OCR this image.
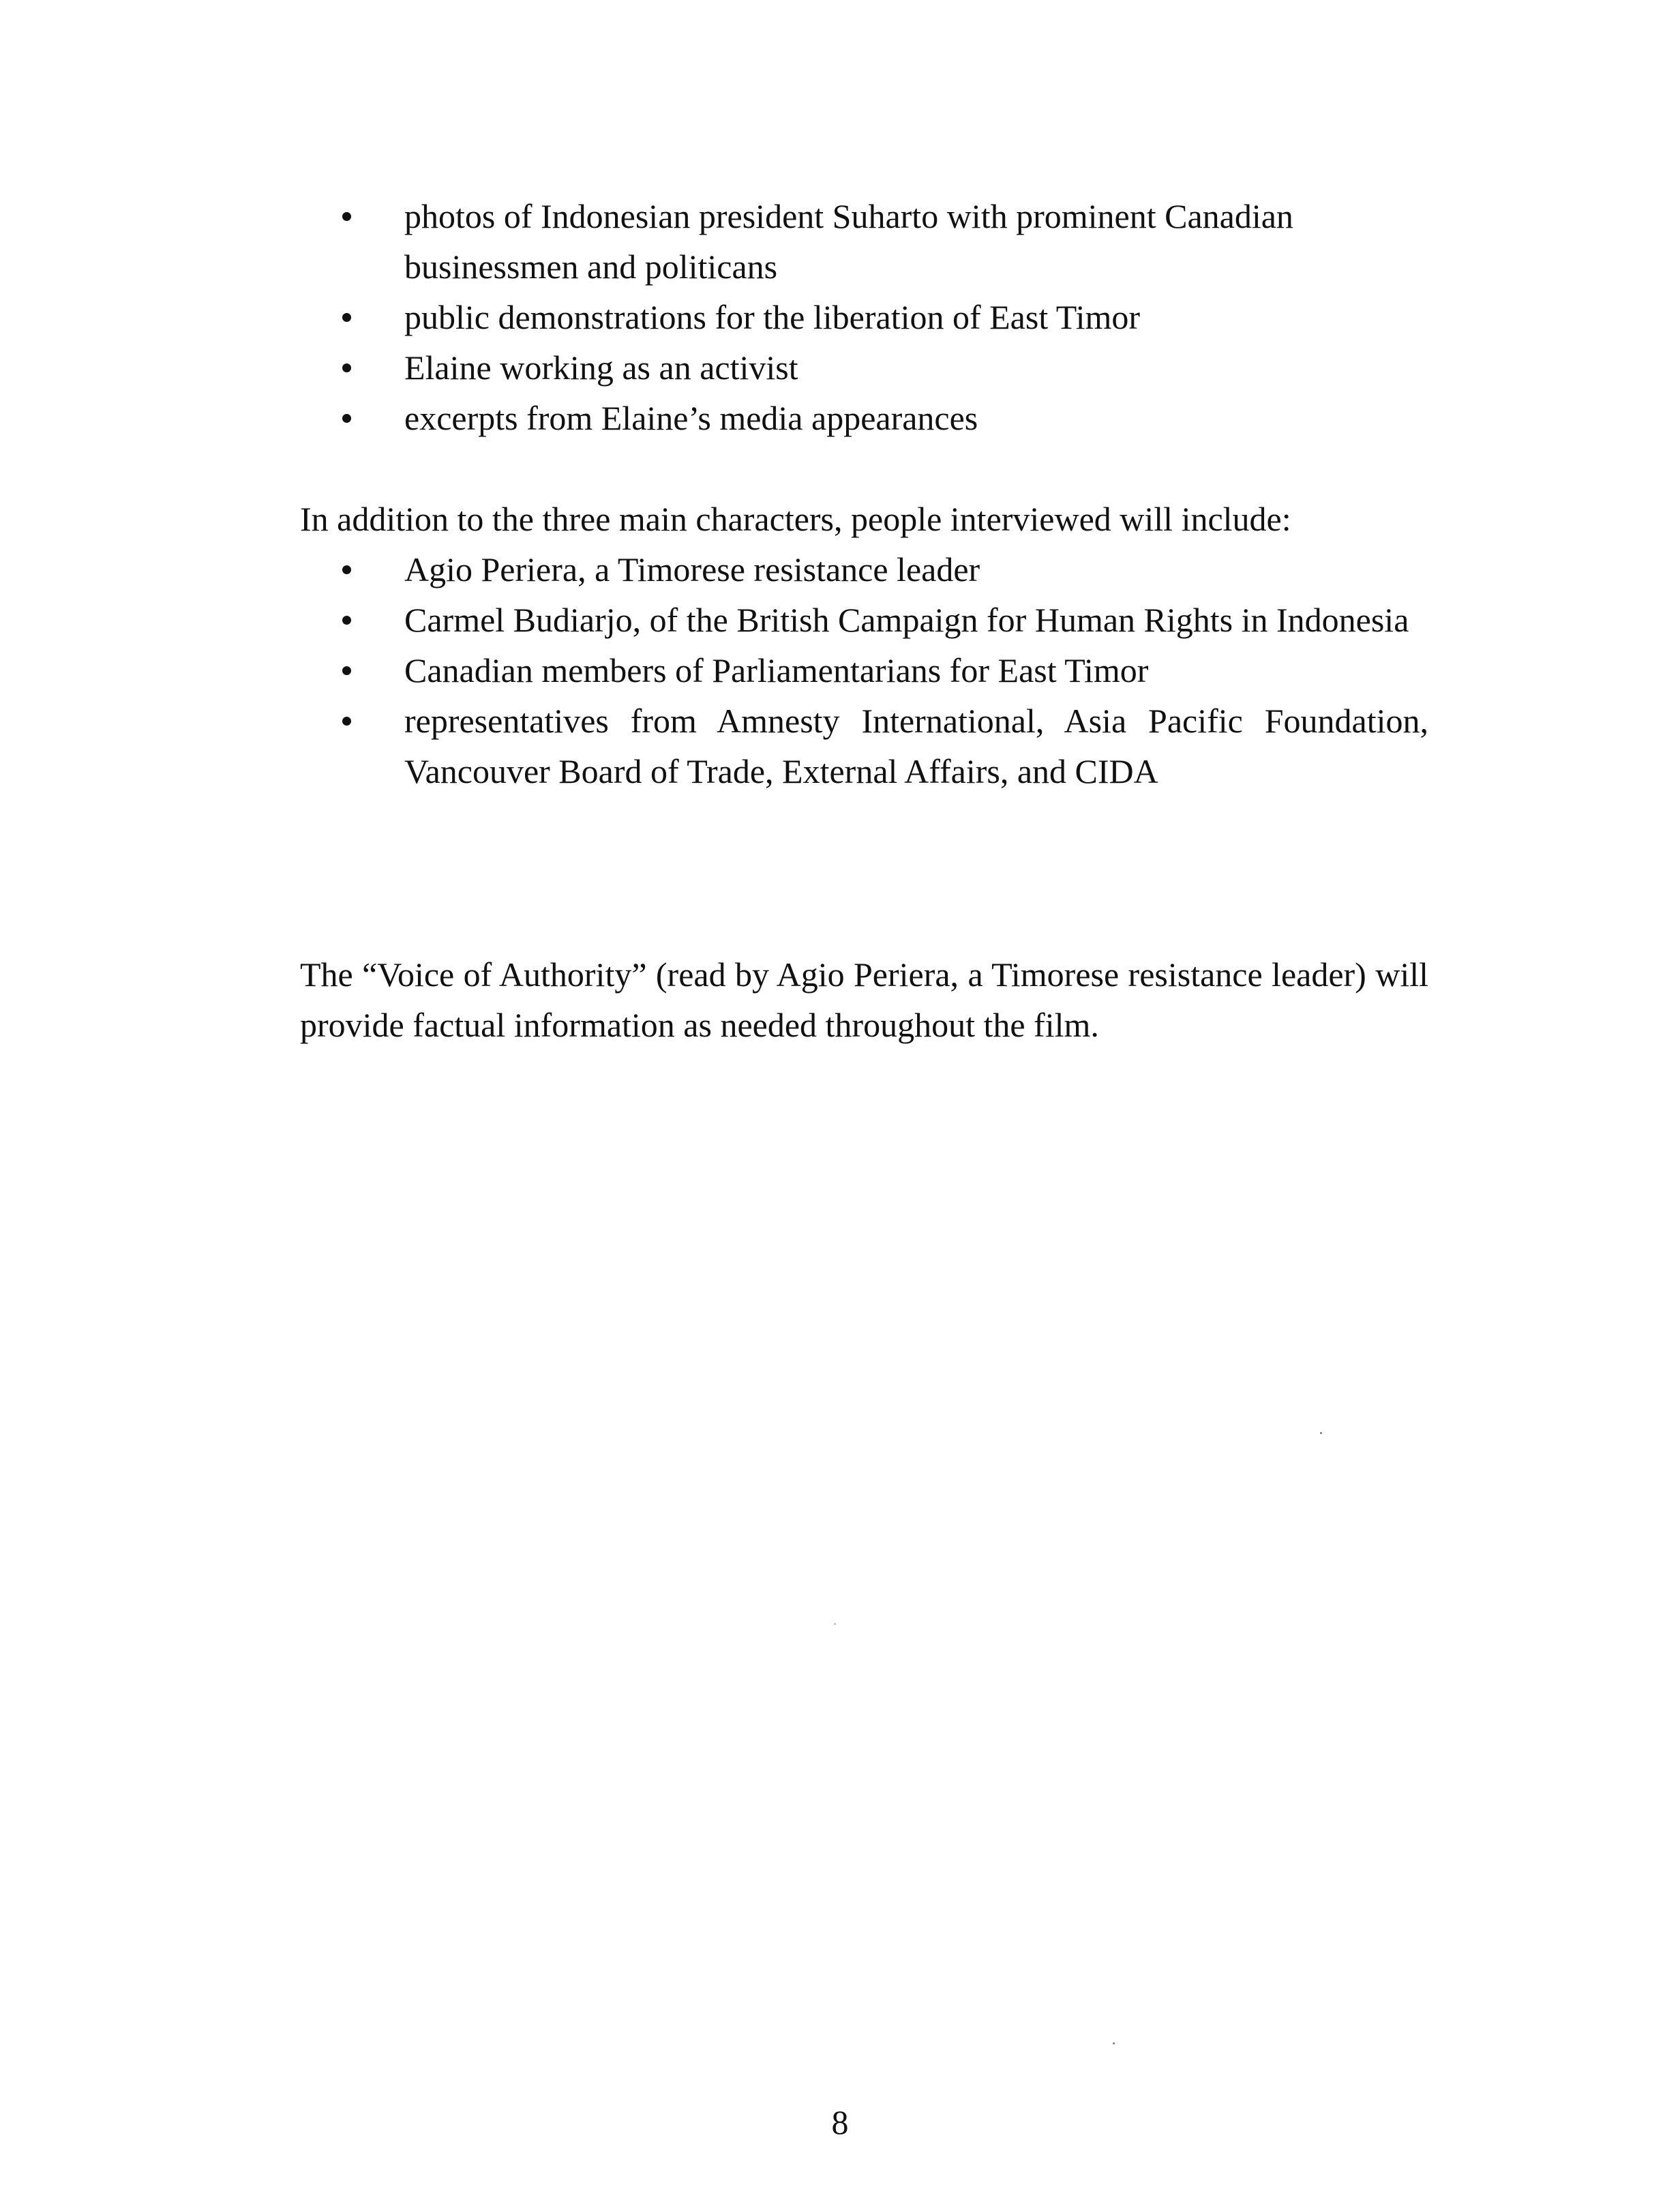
photos of Indonesian president Suharto with prominent Canadian businessmen and politicans
public demonstrations for the liberation of East Timor
Elaine working as an activist
excerpts from Elaine’s media appearances

In addition to the three main characters, people interviewed will include:

Agio Periera, a Timorese resistance leader
Carmel Budiarjo, of the British Campaign for Human Rights in Indonesia
Canadian members of Parliamentarians for East Timor
representatives from Amnesty International, Asia Pacific Foundation, Vancouver Board of Trade, External Affairs, and CIDA

The “Voice of Authority” (read by Agio Periera, a Timorese resistance leader) will provide factual information as needed throughout the film.

8
